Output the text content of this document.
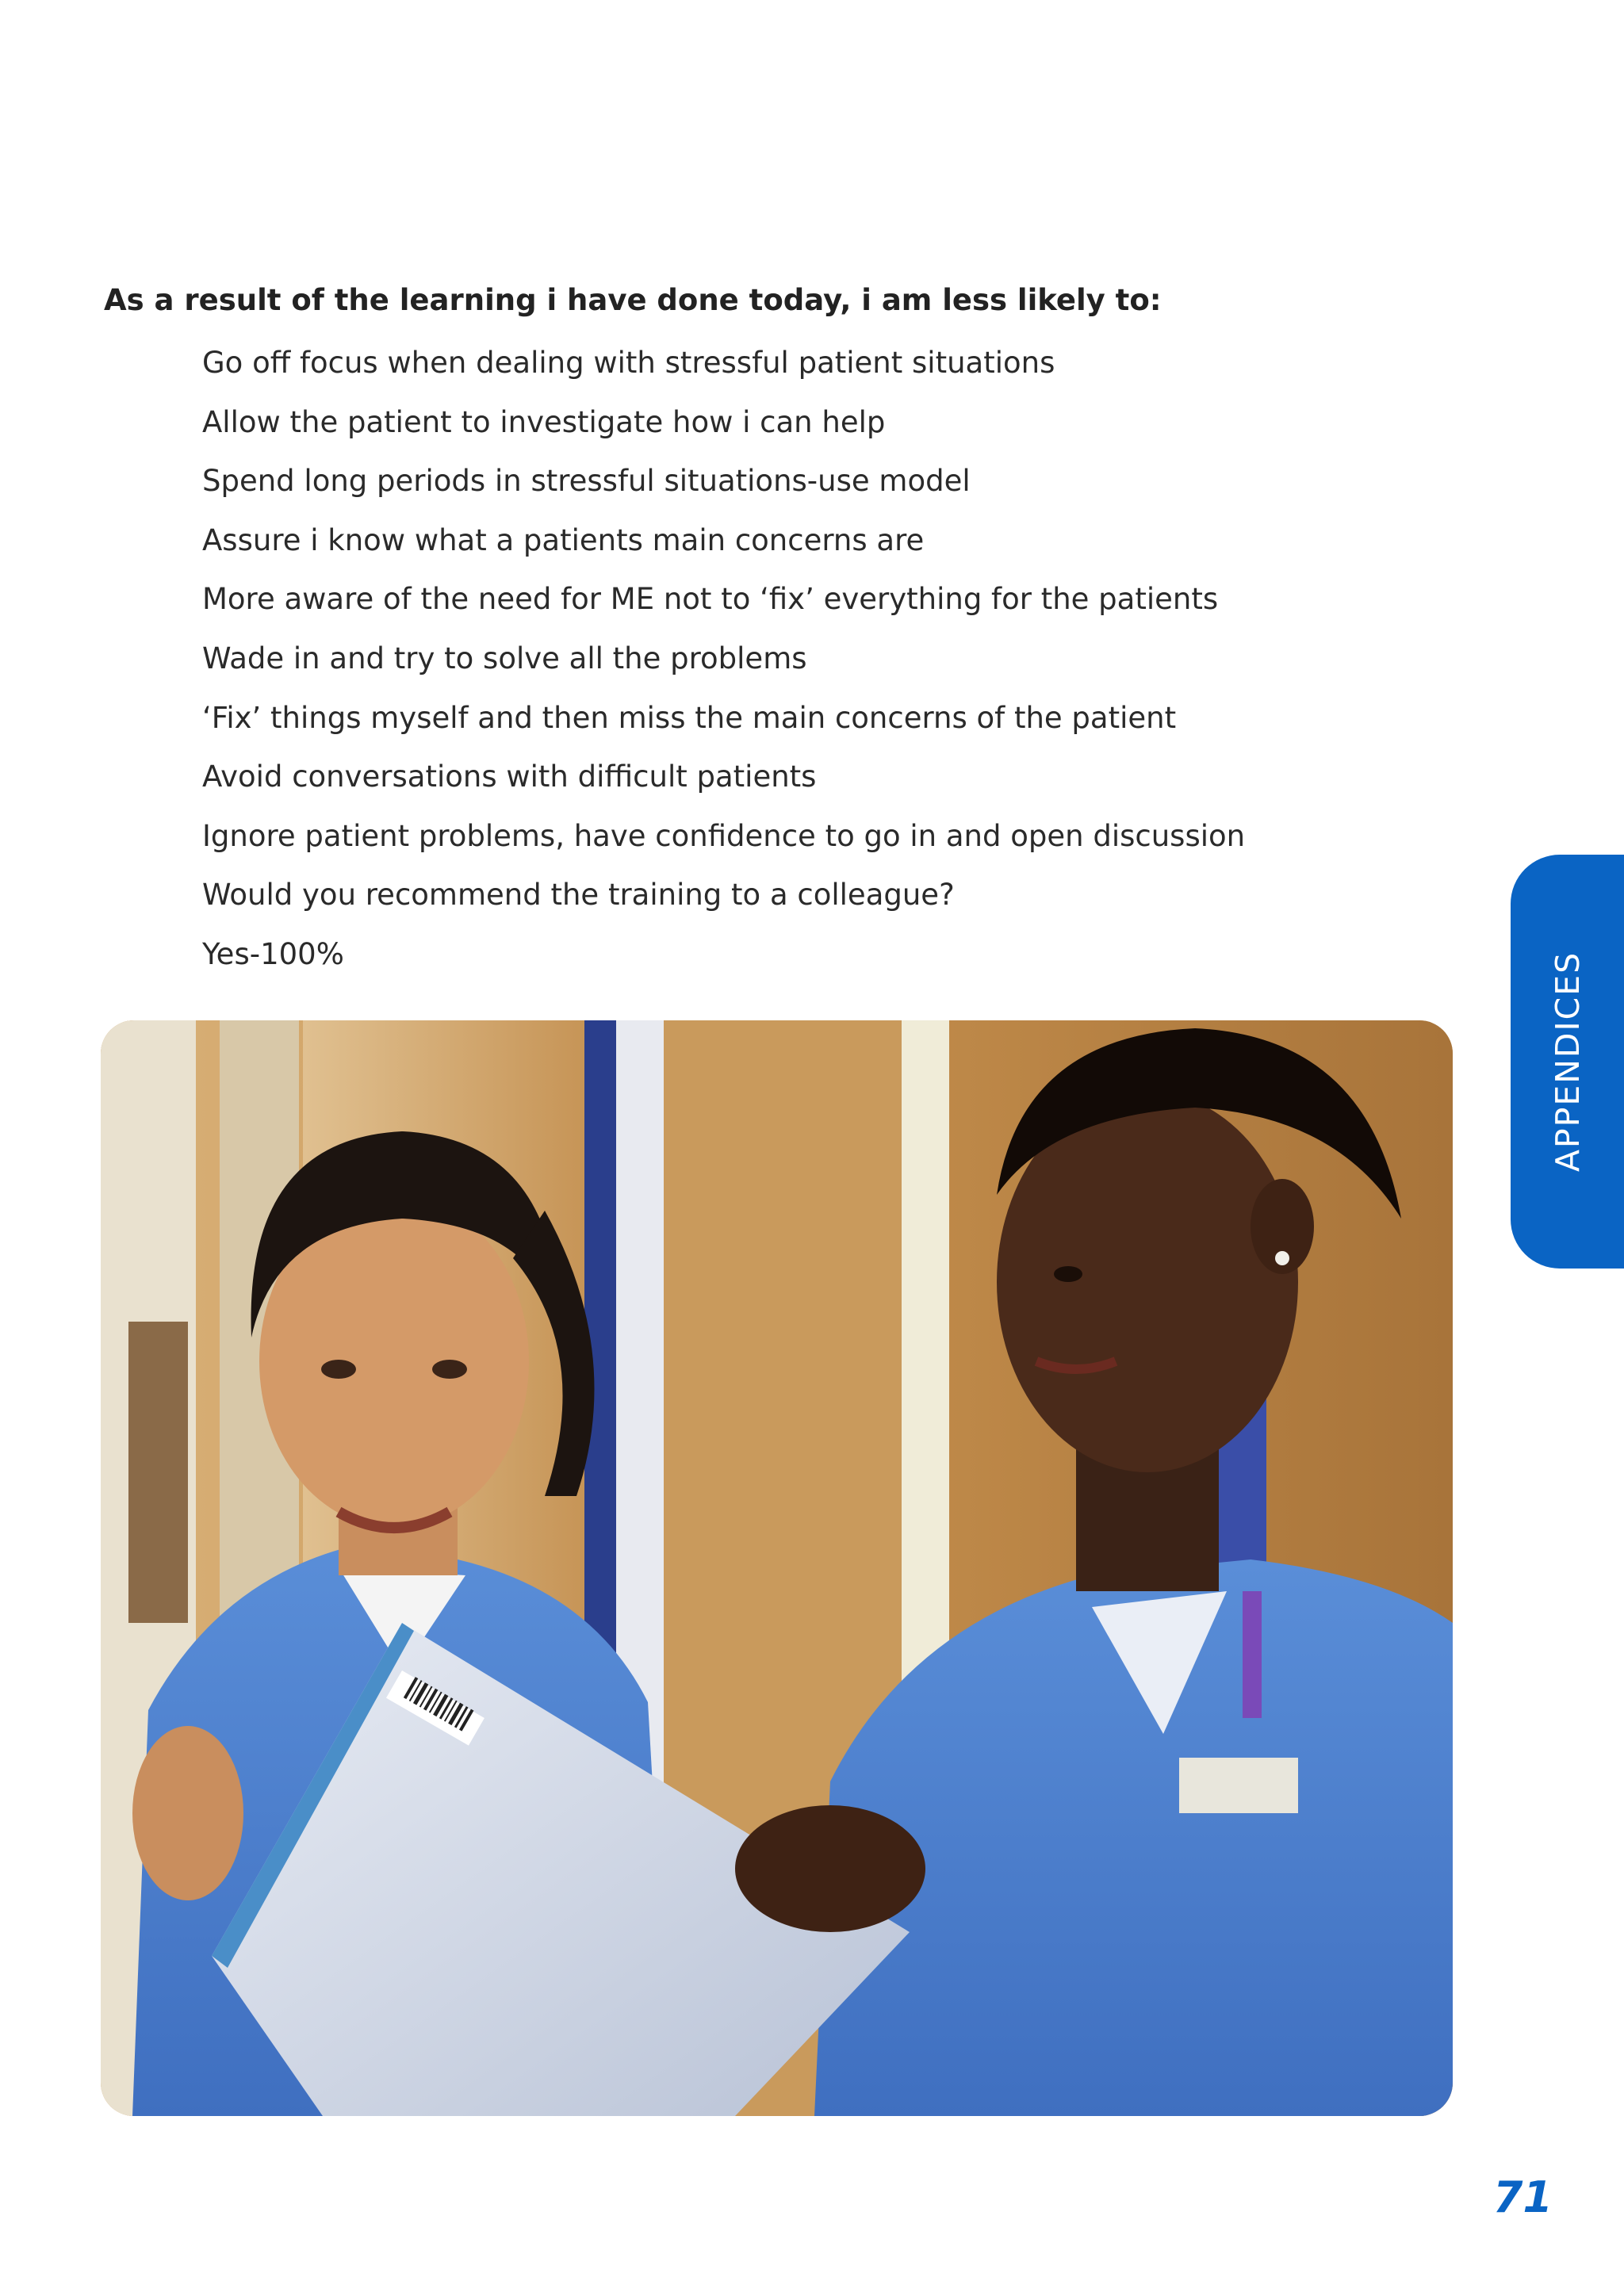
As a result of the learning i have done today, i am less likely to:
Go off focus when dealing with stressful patient situations
Allow the patient to investigate how i can help
Spend long periods in stressful situations-use model
Assure i know what a patients main concerns are
More aware of the need for ME not to ‘fix’ everything for the patients
Wade in and try to solve all the problems
‘Fix’ things myself and then miss the main concerns of the patient
Avoid conversations with difficult patients
Ignore patient problems, have confidence to go in and open discussion
Would you recommend the training to a colleague?
Yes-100%	APPENDICES
71
